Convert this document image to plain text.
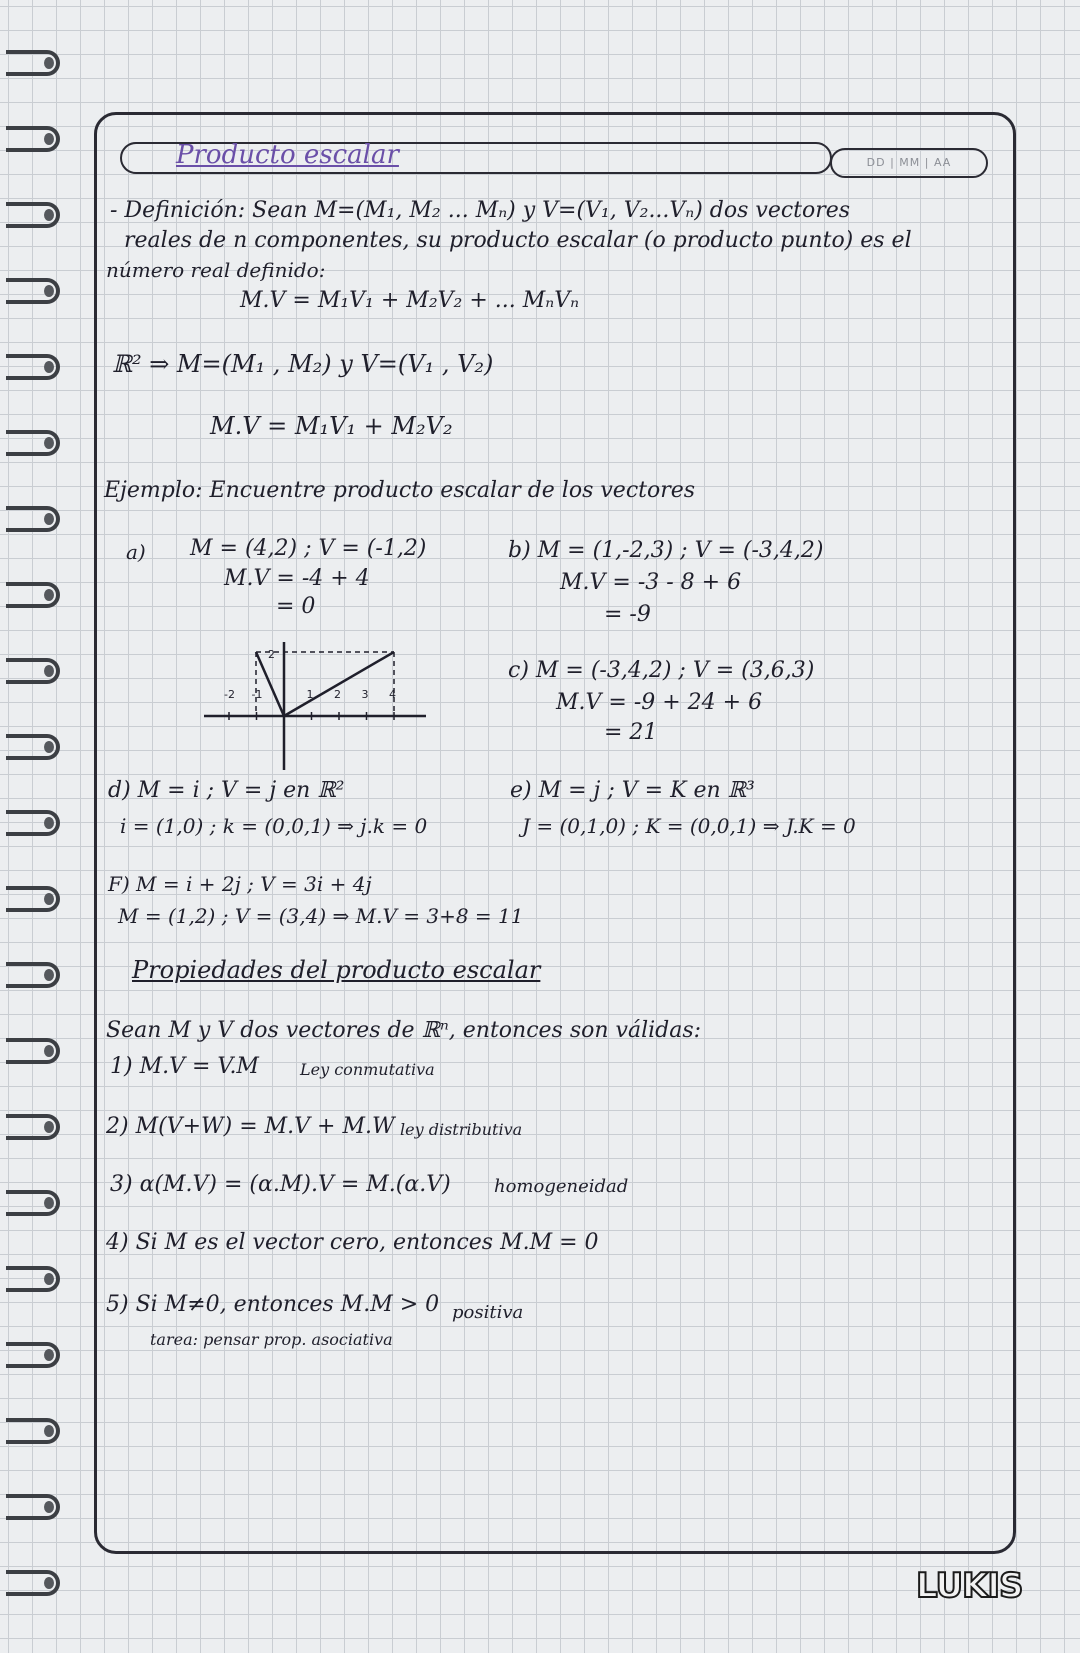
Producto escalar	DD | MM | AA
- Definición: Sean M=(M₁, M₂ ... Mₙ) y V=(V₁, V₂...Vₙ) dos vectores
reales de n componentes, su producto escalar (o producto punto) es el
número real definido:
M.V = M₁V₁ + M₂V₂ + ... MₙVₙ
ℝ² ⇒ M=(M₁ , M₂) y V=(V₁ , V₂)
M.V = M₁V₁ + M₂V₂
Ejemplo: Encuentre producto escalar de los vectores
a) M = (4,2) ; V = (-1,2)
M.V = -4 + 4
= 0
b) M = (1,-2,3) ; V = (-3,4,2)
M.V = -3 - 8 + 6
= -9
2
-2 -1	1 2 3 4
c) M = (-3,4,2) ; V = (3,6,3)
M.V = -9 + 24 + 6
= 21
d) M = i ; V = j en ℝ²
i = (1,0) ; k = (0,0,1) ⇒ j.k = 0
e) M = j ; V = K en ℝ³
J = (0,1,0) ; K = (0,0,1) ⇒ J.K = 0
F) M = i + 2j ; V = 3i + 4j
M = (1,2) ; V = (3,4) ⇒ M.V = 3+8 = 11
Propiedades del producto escalar
Sean M y V dos vectores de ℝⁿ, entonces son válidas:
1) M.V = V.M	Ley conmutativa
2) M(V+W) = M.V + M.W ley distributiva
3) α(M.V) = (α.M).V = M.(α.V) homogeneidad
4) Si M es el vector cero, entonces M.M = 0
5) Si M≠0, entonces M.M > 0 positiva
tarea: pensar prop. asociativa
LUKIS
